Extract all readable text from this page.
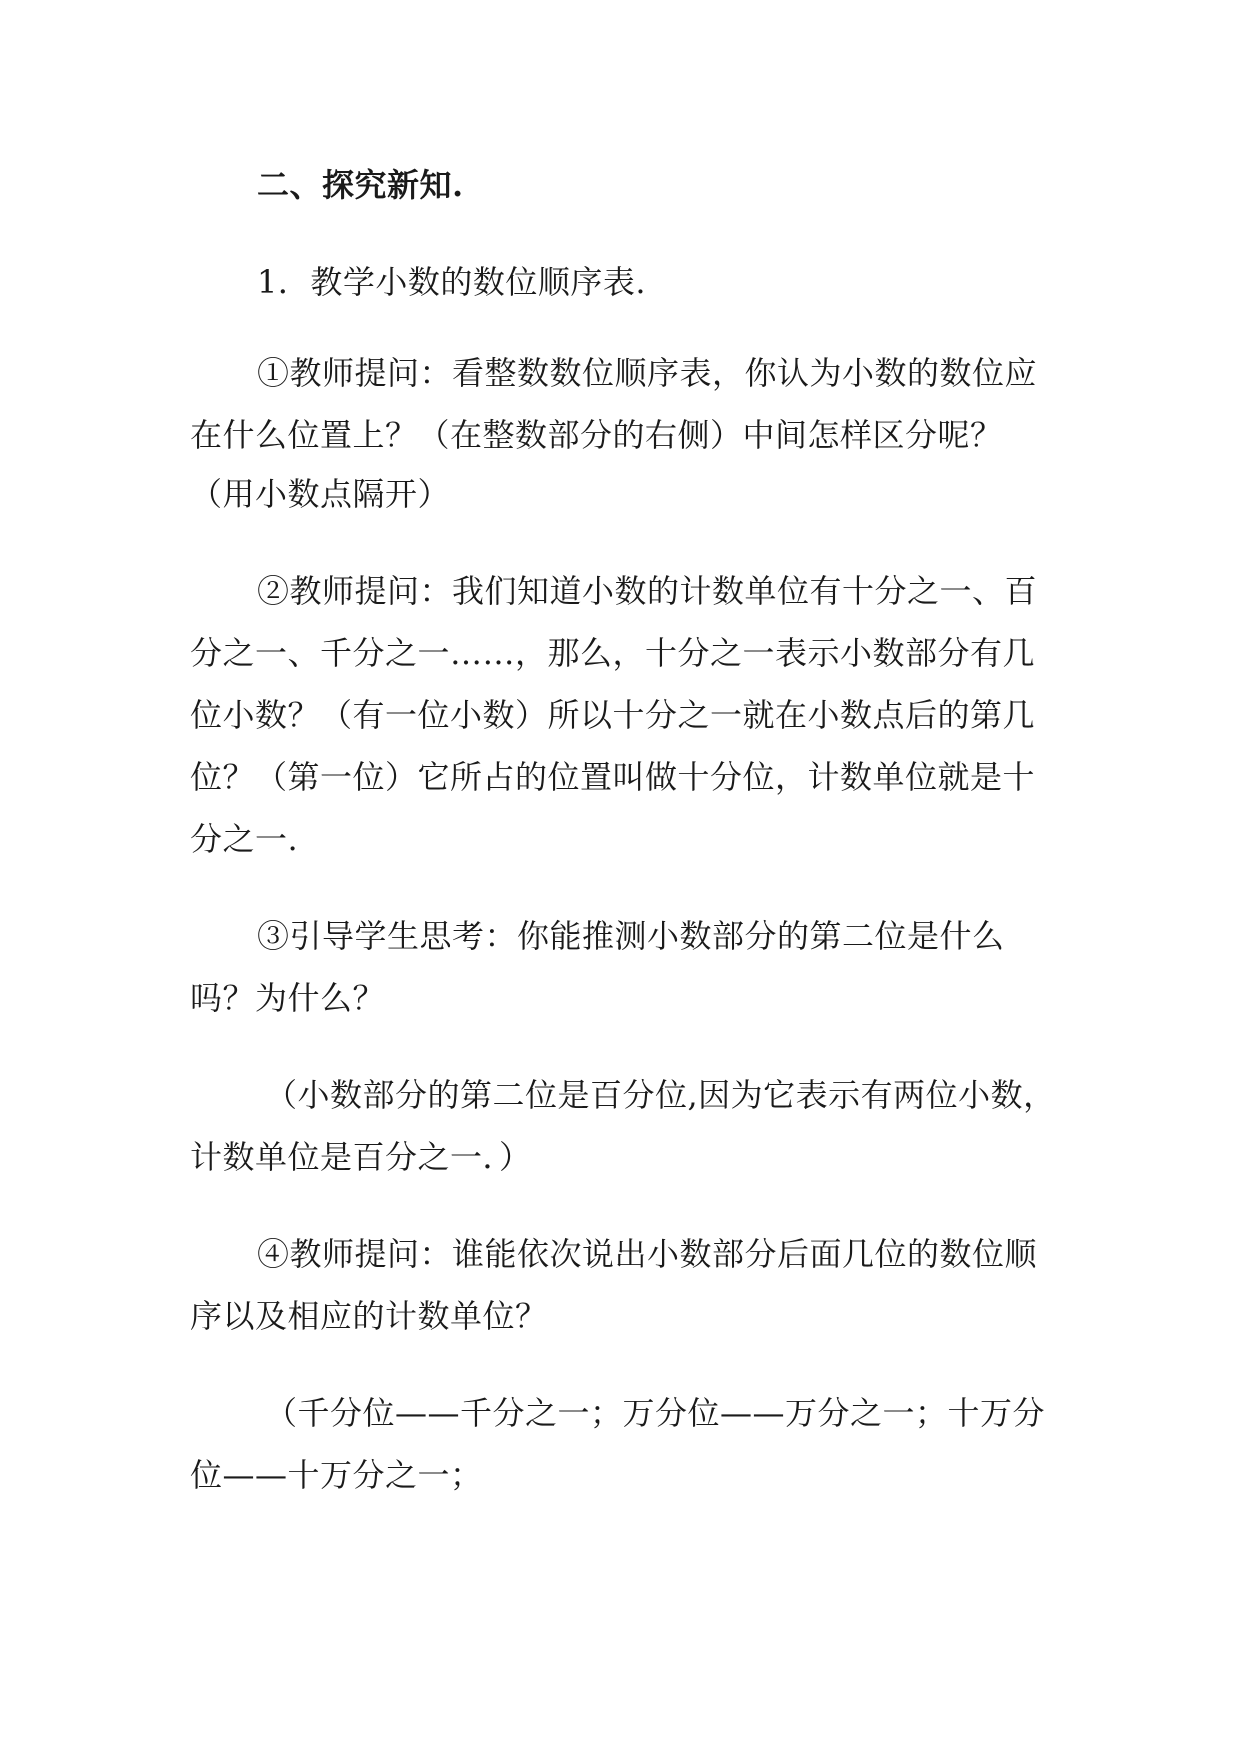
二、探究新知.
1．教学小数的数位顺序表.
①教师提问：看整数数位顺序表，你认为小数的数位应
在什么位置上？（在整数部分的右侧）中间怎样区分呢？
（用小数点隔开）
②教师提问：我们知道小数的计数单位有十分之一、百
分之一、千分之一……，那么，十分之一表示小数部分有几
位小数？（有一位小数）所以十分之一就在小数点后的第几
位？（第一位）它所占的位置叫做十分位，计数单位就是十
分之一.
③引导学生思考：你能推测小数部分的第二位是什么
吗？为什么？
（小数部分的第二位是百分位,因为它表示有两位小数，
计数单位是百分之一．）
④教师提问：谁能依次说出小数部分后面几位的数位顺
序以及相应的计数单位？
（千分位——千分之一；万分位——万分之一；十万分
位——十万分之一；
